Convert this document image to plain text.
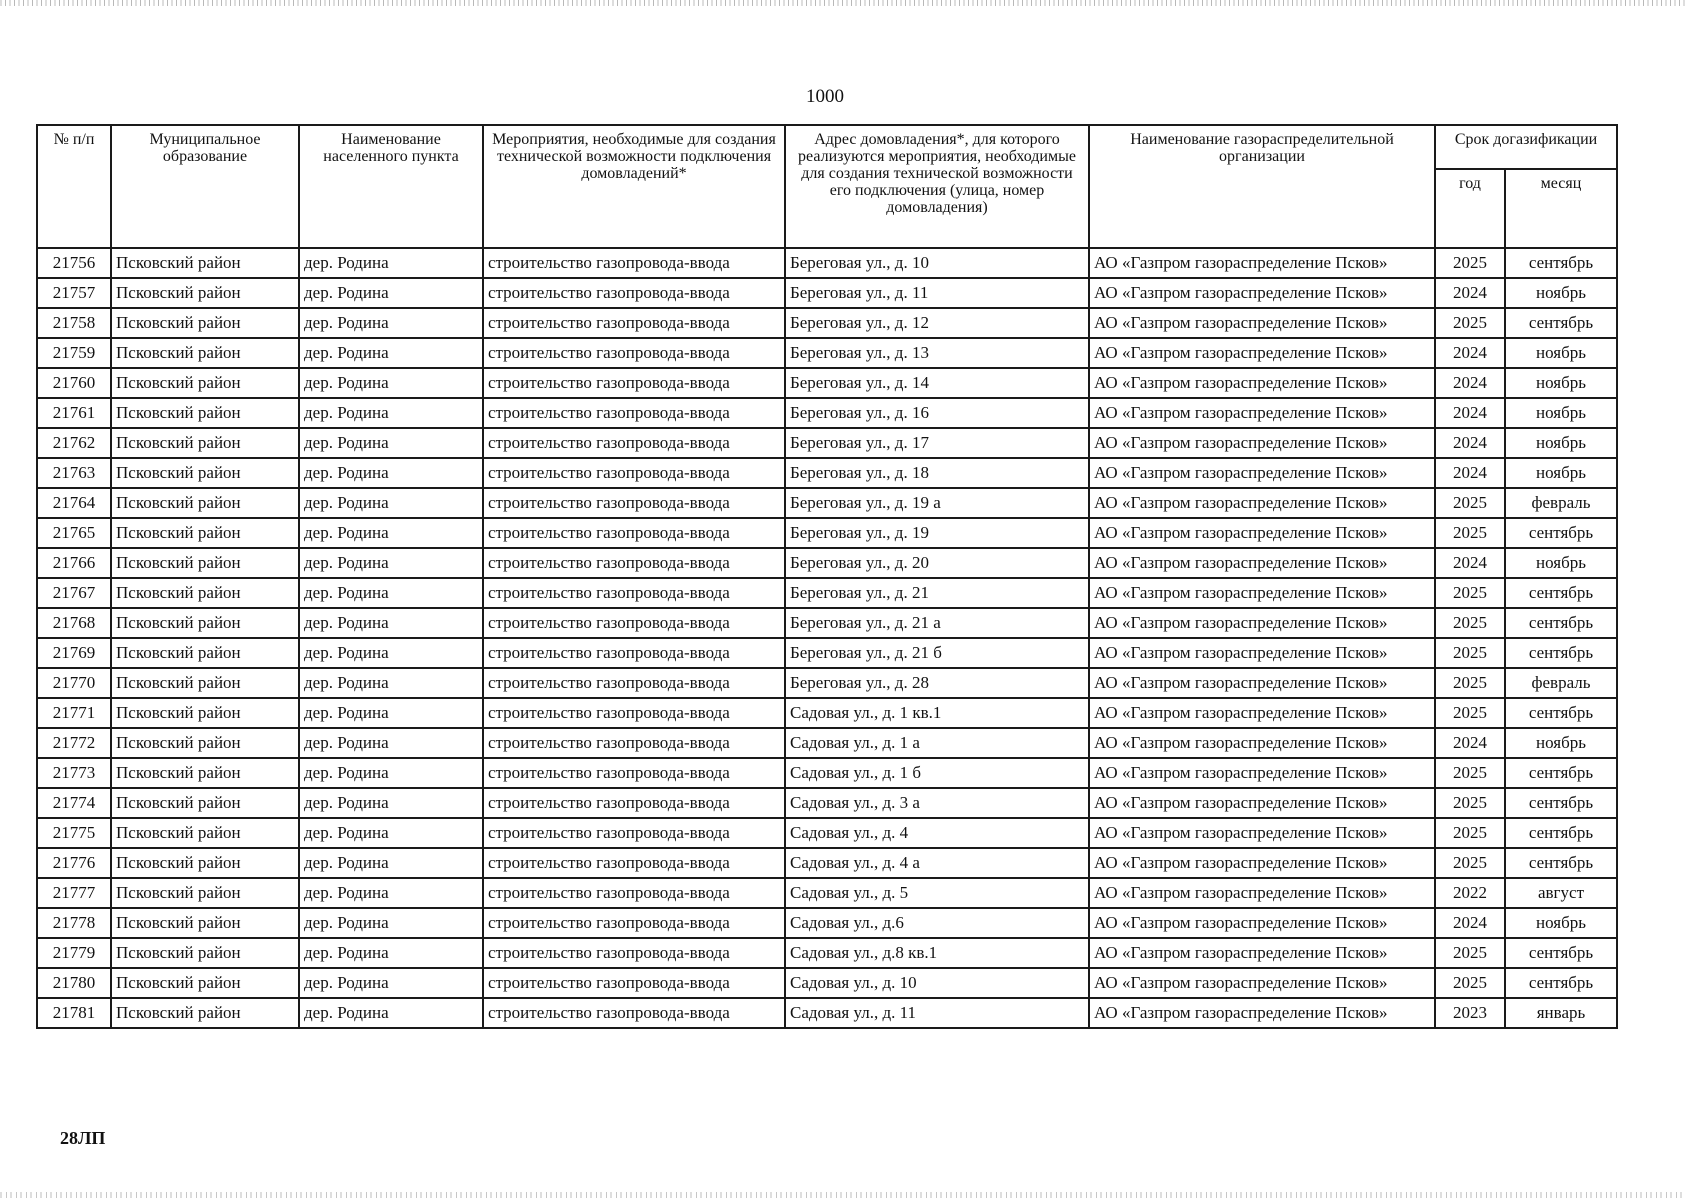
1000
№ п/п	Муниципальное образование	Наименование населенного пункта	Мероприятия, необходимые для создания технической возможности подключения домовладений*	Адрес домовладения*, для которого реализуются мероприятия, необходимые для создания технической возможности его подключения (улица, номер домовладения)	Наименование газораспределительной организации	Срок догазификации	
						год	месяц
21756	Псковский район	дер. Родина	строительство газопровода-ввода	Береговая ул., д. 10	АО «Газпром газораспределение Псков»	2025	сентябрь
21757	Псковский район	дер. Родина	строительство газопровода-ввода	Береговая ул., д. 11	АО «Газпром газораспределение Псков»	2024	ноябрь
21758	Псковский район	дер. Родина	строительство газопровода-ввода	Береговая ул., д. 12	АО «Газпром газораспределение Псков»	2025	сентябрь
21759	Псковский район	дер. Родина	строительство газопровода-ввода	Береговая ул., д. 13	АО «Газпром газораспределение Псков»	2024	ноябрь
21760	Псковский район	дер. Родина	строительство газопровода-ввода	Береговая ул., д. 14	АО «Газпром газораспределение Псков»	2024	ноябрь
21761	Псковский район	дер. Родина	строительство газопровода-ввода	Береговая ул., д. 16	АО «Газпром газораспределение Псков»	2024	ноябрь
21762	Псковский район	дер. Родина	строительство газопровода-ввода	Береговая ул., д. 17	АО «Газпром газораспределение Псков»	2024	ноябрь
21763	Псковский район	дер. Родина	строительство газопровода-ввода	Береговая ул., д. 18	АО «Газпром газораспределение Псков»	2024	ноябрь
21764	Псковский район	дер. Родина	строительство газопровода-ввода	Береговая ул., д. 19 а	АО «Газпром газораспределение Псков»	2025	февраль
21765	Псковский район	дер. Родина	строительство газопровода-ввода	Береговая ул., д. 19	АО «Газпром газораспределение Псков»	2025	сентябрь
21766	Псковский район	дер. Родина	строительство газопровода-ввода	Береговая ул., д. 20	АО «Газпром газораспределение Псков»	2024	ноябрь
21767	Псковский район	дер. Родина	строительство газопровода-ввода	Береговая ул., д. 21	АО «Газпром газораспределение Псков»	2025	сентябрь
21768	Псковский район	дер. Родина	строительство газопровода-ввода	Береговая ул., д. 21 а	АО «Газпром газораспределение Псков»	2025	сентябрь
21769	Псковский район	дер. Родина	строительство газопровода-ввода	Береговая ул., д. 21 б	АО «Газпром газораспределение Псков»	2025	сентябрь
21770	Псковский район	дер. Родина	строительство газопровода-ввода	Береговая ул., д. 28	АО «Газпром газораспределение Псков»	2025	февраль
21771	Псковский район	дер. Родина	строительство газопровода-ввода	Садовая ул., д. 1 кв.1	АО «Газпром газораспределение Псков»	2025	сентябрь
21772	Псковский район	дер. Родина	строительство газопровода-ввода	Садовая ул., д. 1 а	АО «Газпром газораспределение Псков»	2024	ноябрь
21773	Псковский район	дер. Родина	строительство газопровода-ввода	Садовая ул., д. 1 б	АО «Газпром газораспределение Псков»	2025	сентябрь
21774	Псковский район	дер. Родина	строительство газопровода-ввода	Садовая ул., д. 3 а	АО «Газпром газораспределение Псков»	2025	сентябрь
21775	Псковский район	дер. Родина	строительство газопровода-ввода	Садовая ул., д. 4	АО «Газпром газораспределение Псков»	2025	сентябрь
21776	Псковский район	дер. Родина	строительство газопровода-ввода	Садовая ул., д. 4 а	АО «Газпром газораспределение Псков»	2025	сентябрь
21777	Псковский район	дер. Родина	строительство газопровода-ввода	Садовая ул., д. 5	АО «Газпром газораспределение Псков»	2022	август
21778	Псковский район	дер. Родина	строительство газопровода-ввода	Садовая ул., д.6	АО «Газпром газораспределение Псков»	2024	ноябрь
21779	Псковский район	дер. Родина	строительство газопровода-ввода	Садовая ул., д.8 кв.1	АО «Газпром газораспределение Псков»	2025	сентябрь
21780	Псковский район	дер. Родина	строительство газопровода-ввода	Садовая ул., д. 10	АО «Газпром газораспределение Псков»	2025	сентябрь
21781	Псковский район	дер. Родина	строительство газопровода-ввода	Садовая ул., д. 11	АО «Газпром газораспределение Псков»	2023	январь
28ЛП
